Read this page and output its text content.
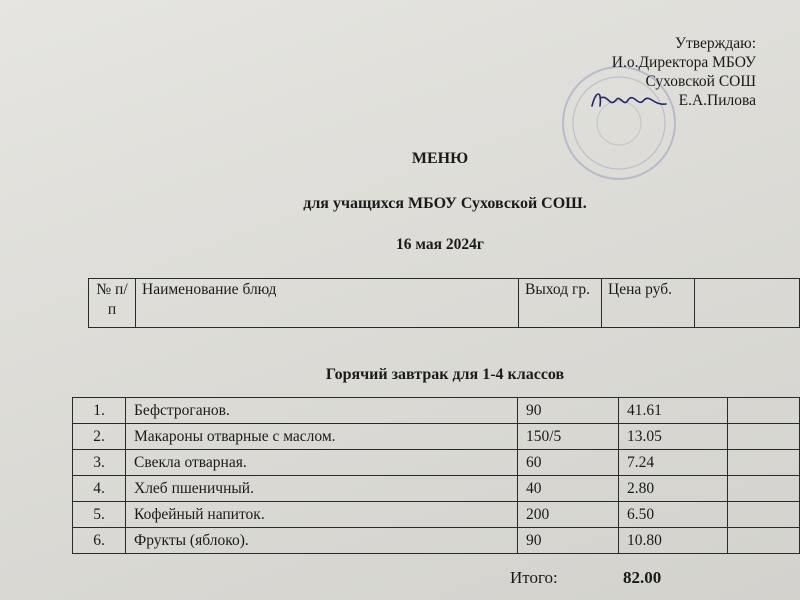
Утверждаю:
И.о.Директора МБОУ
Суховской СОШ
Е.А.Пилова
МЕНЮ
для учащихся МБОУ Суховской СОШ.
16 мая 2024г
№ п/п	Наименование блюд	Выход гр.	Цена руб.	
Горячий завтрак для 1-4 классов
1.	Бефстроганов.	90	41.61	
2.	Макароны отварные с маслом.	150/5	13.05	
3.	Свекла отварная.	60	7.24	
4.	Хлеб пшеничный.	40	2.80	
5.	Кофейный напиток.	200	6.50	
6.	Фрукты (яблоко).	90	10.80	
Итого:	82.00
